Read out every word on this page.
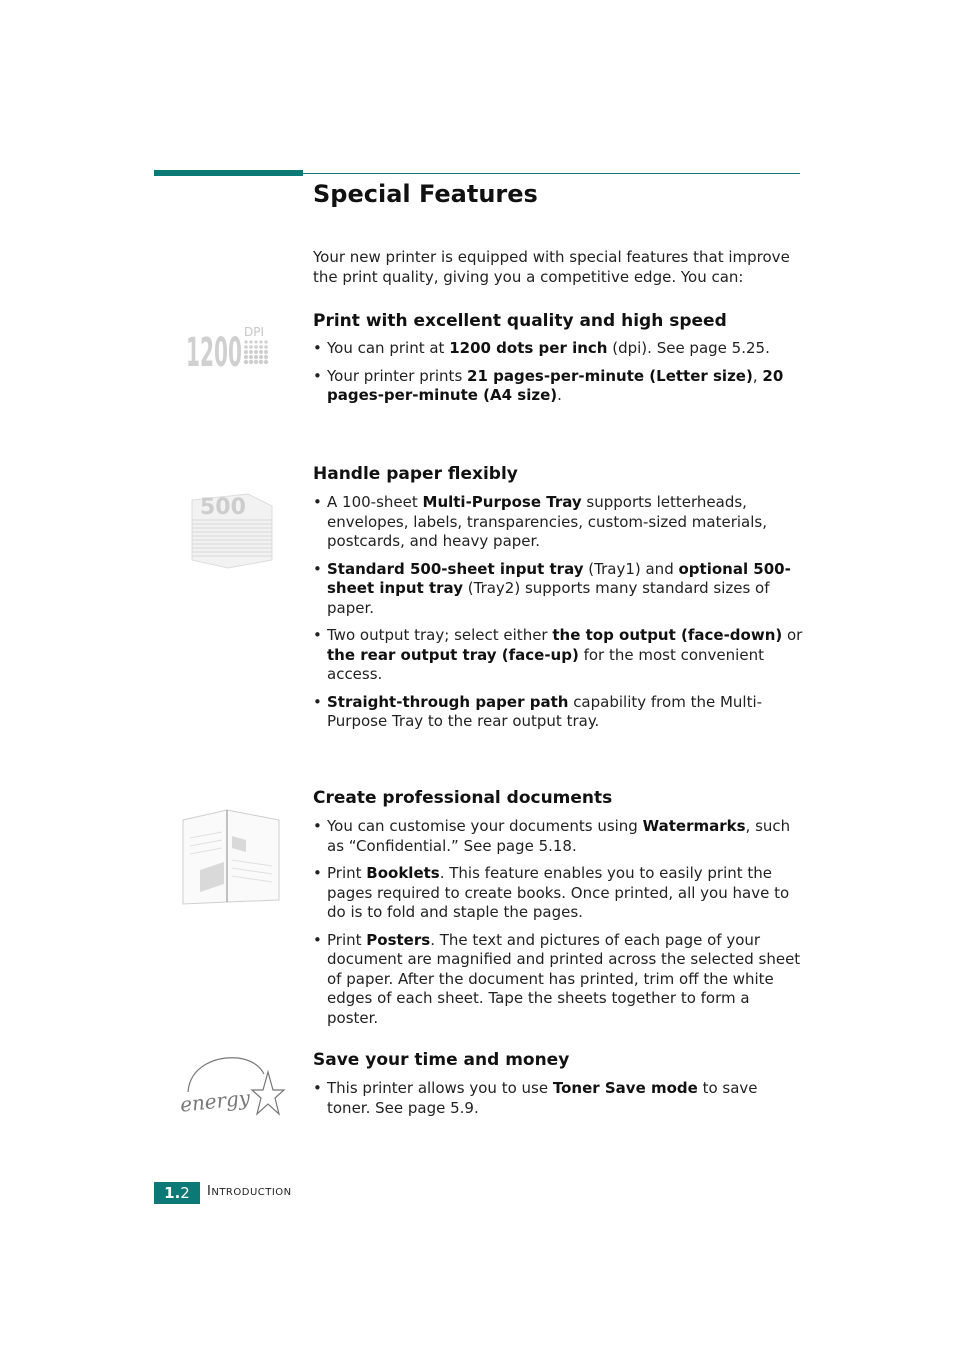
Special Features

Your new printer is equipped with special features that improve the print quality, giving you a competitive edge. You can:

1200 DPI
Print with excellent quality and high speed
• You can print at 1200 dots per inch (dpi). See page 5.25.
• Your printer prints 21 pages-per-minute (Letter size), 20 pages-per-minute (A4 size).
500
Handle paper flexibly
• A 100-sheet Multi-Purpose Tray supports letterheads, envelopes, labels, transparencies, custom-sized materials, postcards, and heavy paper.
• Standard 500-sheet input tray (Tray1) and optional 500-sheet input tray (Tray2) supports many standard sizes of paper.
• Two output tray; select either the top output (face-down) or the rear output tray (face-up) for the most convenient access.
• Straight-through paper path capability from the Multi-Purpose Tray to the rear output tray.
Create professional documents
• You can customise your documents using Watermarks, such as “Confidential.” See page 5.18.
• Print Booklets. This feature enables you to easily print the pages required to create books. Once printed, all you have to do is to fold and staple the pages.
• Print Posters. The text and pictures of each page of your document are magnified and printed across the selected sheet of paper. After the document has printed, trim off the white edges of each sheet. Tape the sheets together to form a poster.
energy
Save your time and money
• This printer allows you to use Toner Save mode to save toner. See page 5.9.
1.2	INTRODUCTION
